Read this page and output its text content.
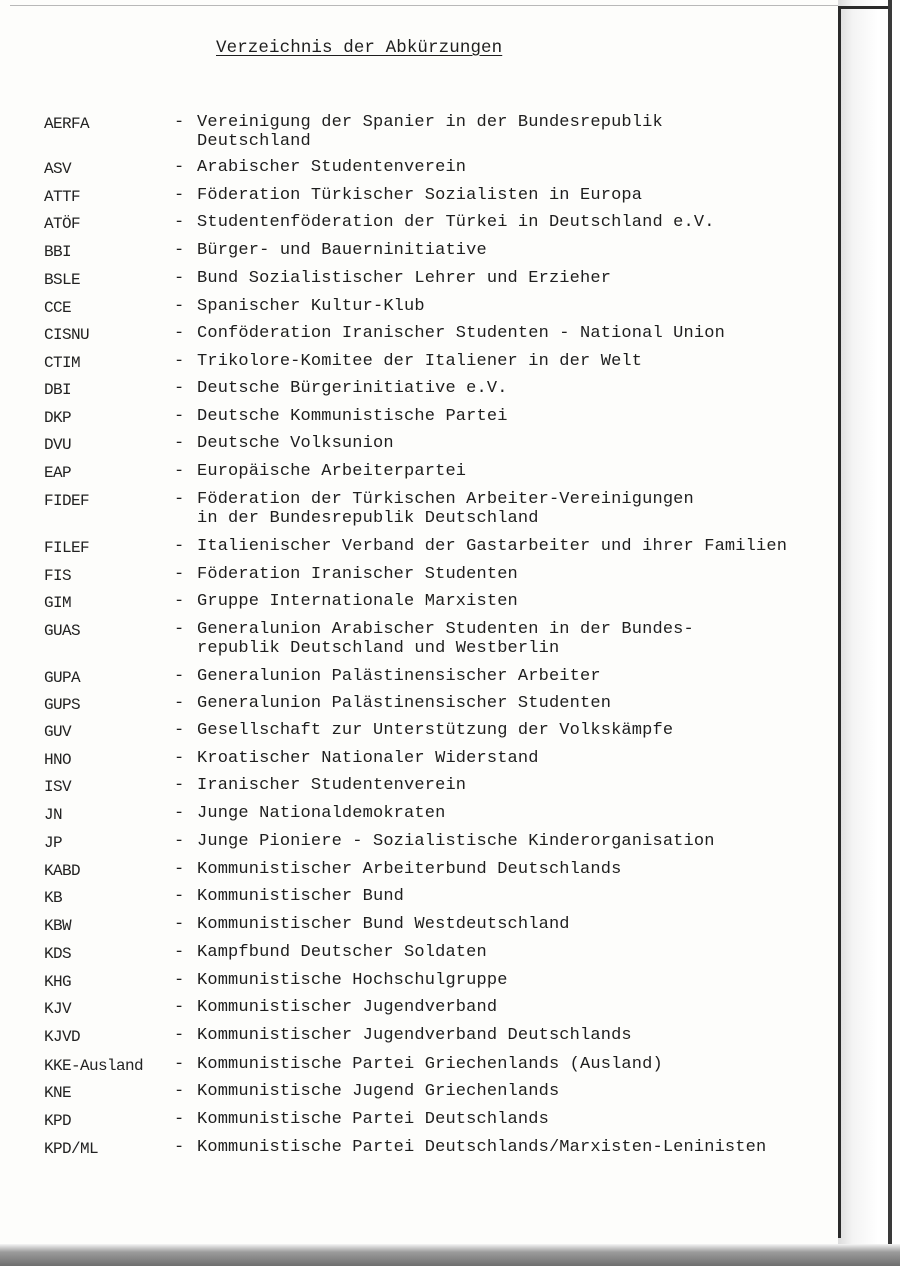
Verzeichnis der Abkürzungen
AERFA	- Vereinigung der Spanier in der Bundesrepublik
Deutschland
ASV	- Arabischer Studentenverein
ATTF	- Föderation Türkischer Sozialisten in Europa
ATÖF	- Studentenföderation der Türkei in Deutschland e.V.
BBI	- Bürger- und Bauerninitiative
BSLE	- Bund Sozialistischer Lehrer und Erzieher
CCE	- Spanischer Kultur-Klub
CISNU	- Conföderation Iranischer Studenten - National Union
CTIM	- Trikolore-Komitee der Italiener in der Welt
DBI	- Deutsche Bürgerinitiative e.V.
DKP	- Deutsche Kommunistische Partei
DVU	- Deutsche Volksunion
EAP	- Europäische Arbeiterpartei
FIDEF	- Föderation der Türkischen Arbeiter-Vereinigungen
in der Bundesrepublik Deutschland
FILEF	- Italienischer Verband der Gastarbeiter und ihrer Familien
FIS	- Föderation Iranischer Studenten
GIM	- Gruppe Internationale Marxisten
GUAS	- Generalunion Arabischer Studenten in der Bundes-
republik Deutschland und Westberlin
GUPA	- Generalunion Palästinensischer Arbeiter
GUPS	- Generalunion Palästinensischer Studenten
GUV	- Gesellschaft zur Unterstützung der Volkskämpfe
HNO	- Kroatischer Nationaler Widerstand
ISV	- Iranischer Studentenverein
JN	- Junge Nationaldemokraten
JP	- Junge Pioniere - Sozialistische Kinderorganisation
KABD	- Kommunistischer Arbeiterbund Deutschlands
KB	- Kommunistischer Bund
KBW	- Kommunistischer Bund Westdeutschland
KDS	- Kampfbund Deutscher Soldaten
KHG	- Kommunistische Hochschulgruppe
KJV	- Kommunistischer Jugendverband
KJVD	- Kommunistischer Jugendverband Deutschlands
KKE-Ausland - Kommunistische Partei Griechenlands (Ausland)
KNE	- Kommunistische Jugend Griechenlands
KPD	- Kommunistische Partei Deutschlands
KPD/ML	- Kommunistische Partei Deutschlands/Marxisten-Leninisten
